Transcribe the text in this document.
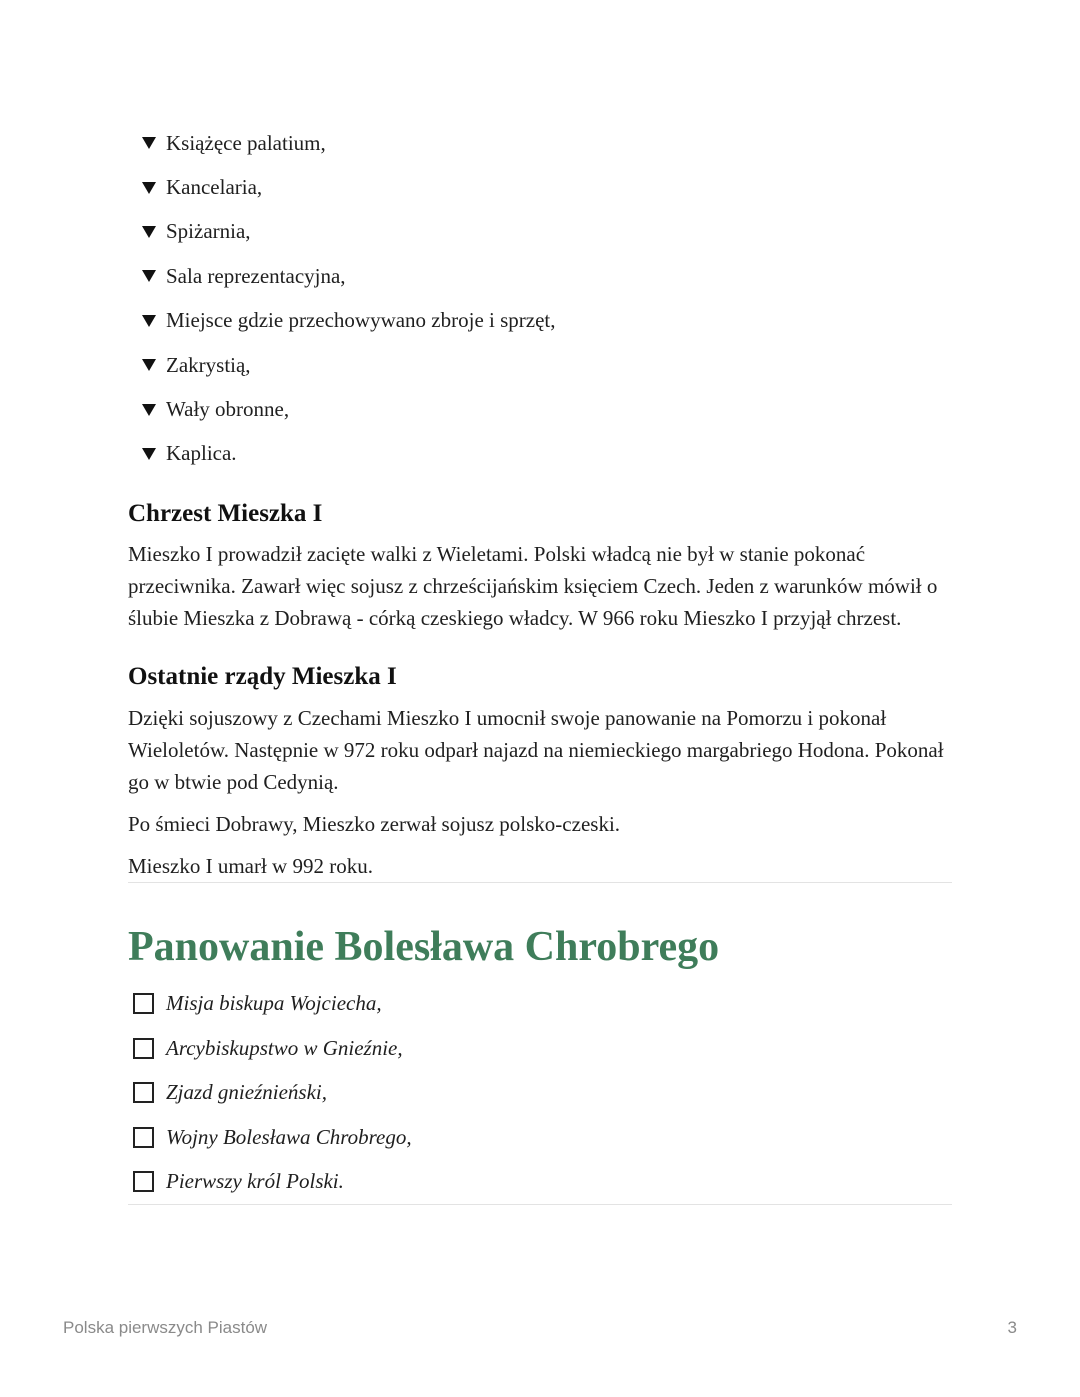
Książęce palatium,
Kancelaria,
Spiżarnia,
Sala reprezentacyjna,
Miejsce gdzie przechowywano zbroje i sprzęt,
Zakrystią,
Wały obronne,
Kaplica.
Chrzest Mieszka I

Mieszko I prowadził zacięte walki z Wieletami. Polski władcą nie był w stanie pokonać przeciwnika. Zawarł więc sojusz z chrześcijańskim księciem Czech. Jeden z warunków mówił o ślubie Mieszka z Dobrawą - córką czeskiego władcy. W 966 roku Mieszko I przyjął chrzest.

Ostatnie rządy Mieszka I

Dzięki sojuszowy z Czechami Mieszko I umocnił swoje panowanie na Pomorzu i pokonał Wieloletów. Następnie w 972 roku odparł najazd na niemieckiego margabriego Hodona. Pokonał go w btwie pod Cedynią.

Po śmieci Dobrawy, Mieszko zerwał sojusz polsko-czeski.

Mieszko I umarł w 992 roku.

Panowanie Bolesława Chrobrego
Misja biskupa Wojciecha,
Arcybiskupstwo w Gnieźnie,
Zjazd gnieźnieński,
Wojny Bolesława Chrobrego,
Pierwszy król Polski.
Polska pierwszych Piastów	3
